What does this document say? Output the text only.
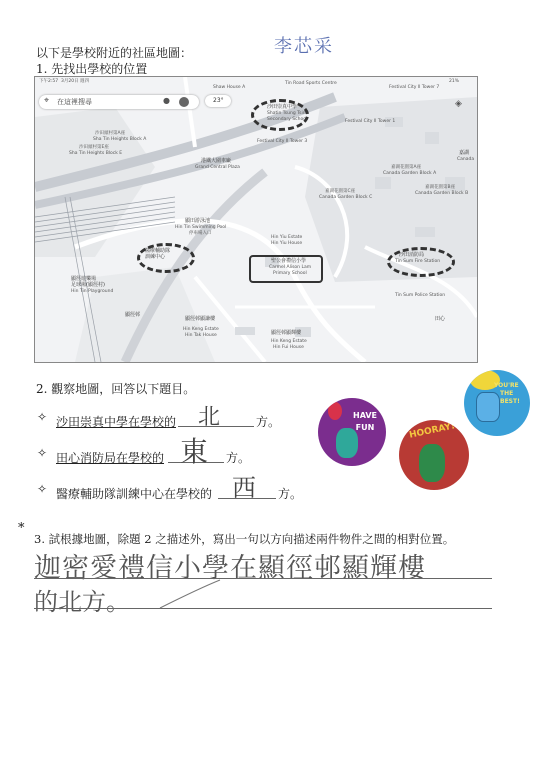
李芯采
以下是學校附近的社區地圖：
1. 先找出學校的位置
下午2:57 3月20日 週四	21%
⌖ 在這裡搜尋	●	23°	◈
Shaw House A
Tin Road Sports Centre
Festival City II Tower 7
沙田崇真中學
Shatin Tsung Tsin
Secondary School	Festival City II Tower 1
Festival City II Tower 3
沙田頭村第A座
Sha Tin Heights Block A
沙田頭村第E座
Sha Tin Heights Block E
Grand Central Plaza
港鐵大圍車廠
嘉湖花園第A座
Canada Garden Block A
嘉湖花園第C座
Canada Garden Block C
嘉湖花園第B座
Canada Garden Block B
嘉湖
Canada
顯田游泳池
Hin Tin Swimming Pool
停車場入口
Hin Yiu Estate
Hin Yiu House
醫療輔助隊
訓練中心	沙田消防局
Tin Sum Fire Station
聖公會禮信小學
Carmel Alison Lam
Primary School
顯徑遊樂場
足球場(顯徑村)
Hin Tin Playground
Tin Sum Police Station
顯徑邨顯謙樓
Hin Keng Estate
Hin Tak House	顯徑邨顯輝樓
Hin Keng Estate
Hin Fui House
田心
顯徑邨
2. 觀察地圖，回答以下題目。
✧ 沙田崇真中學在學校的 北	方。
✧ 田心消防局在學校的 東 方。
✧ 醫療輔助隊訓練中心在學校的 西 方。
HAVE FUN	HOORAY!
YOU'RE
THE
BEST!
*
3. 試根據地圖，除題 2 之描述外，寫出一句以方向描述兩件物件之間的相對位置。
迦密愛禮信小學在顯徑邨顯輝樓
的北方。
